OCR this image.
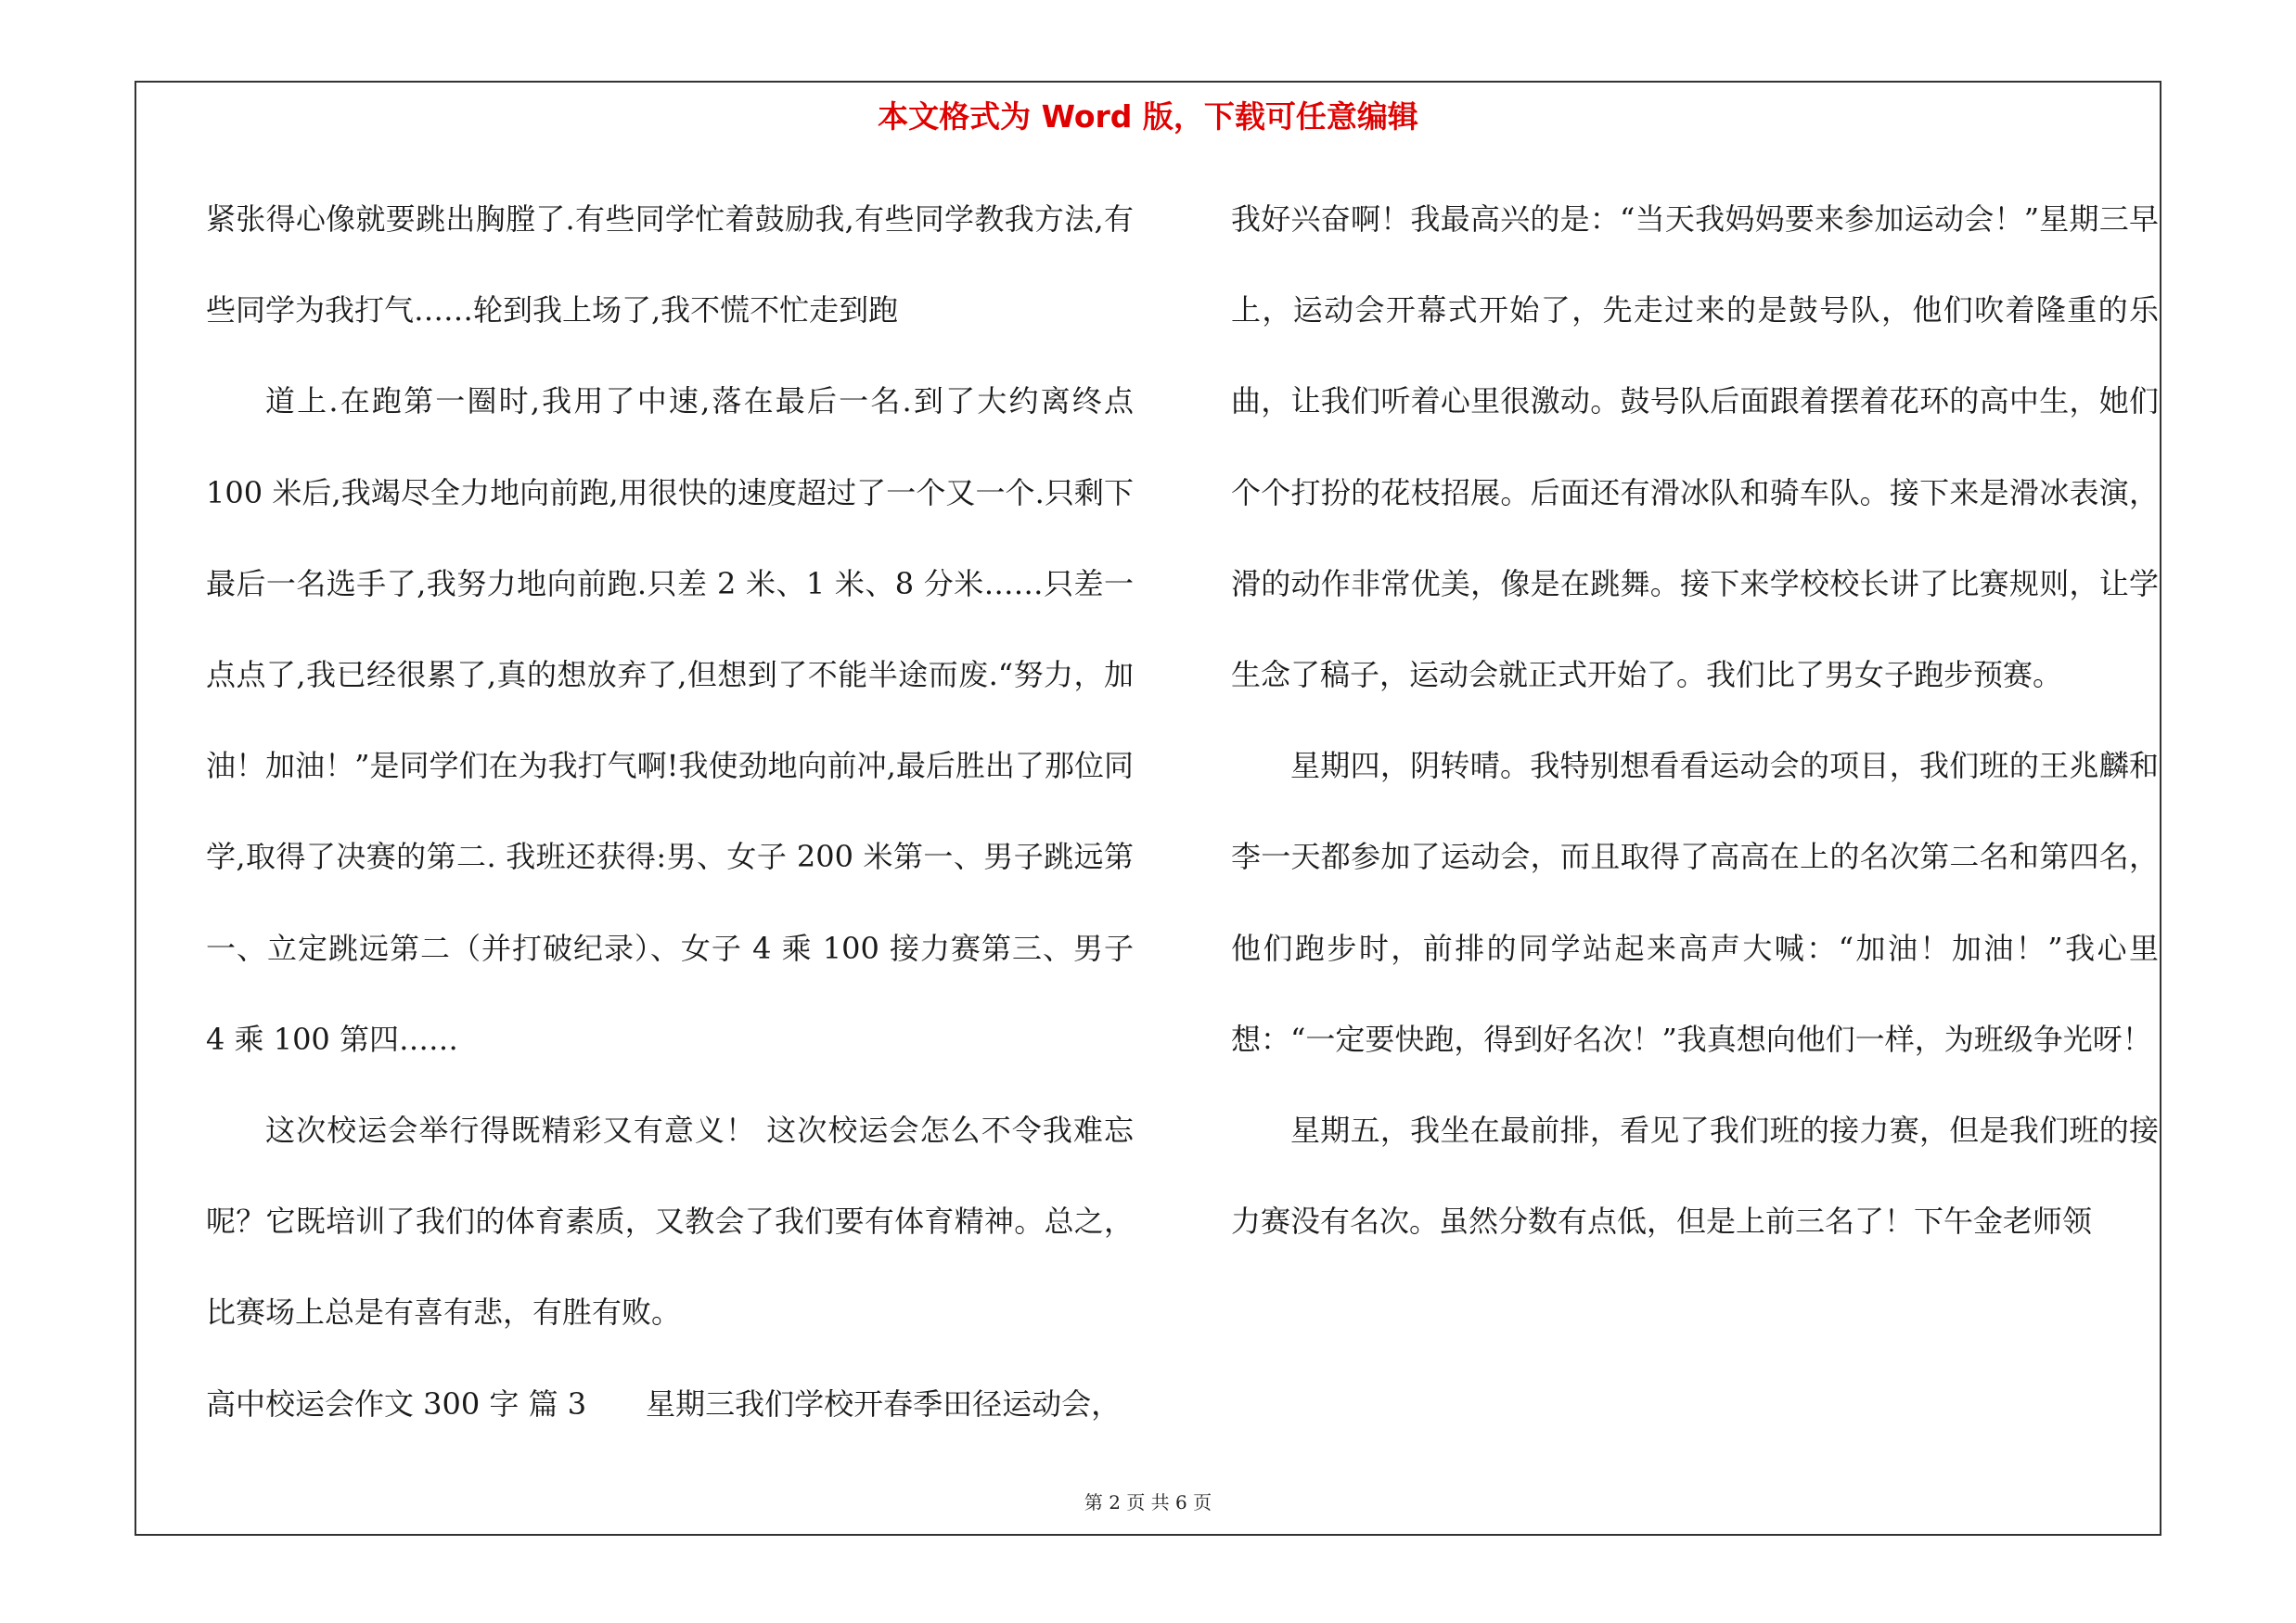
本文格式为 Word 版，下载可任意编辑

紧张得心像就要跳出胸膛了.有些同学忙着鼓励我,有些同学教我方法,有些同学为我打气……轮到我上场了,我不慌不忙走到跑

道上.在跑第一圈时,我用了中速,落在最后一名.到了大约离终点 100 米后,我竭尽全力地向前跑,用很快的速度超过了一个又一个.只剩下最后一名选手了,我努力地向前跑.只差 2 米、1 米、8 分米……只差一点点了,我已经很累了,真的想放弃了,但想到了不能半途而废.“努力，加油！加油！”是同学们在为我打气啊!我使劲地向前冲,最后胜出了那位同学,取得了决赛的第二. 我班还获得:男、女子 200 米第一、男子跳远第一、立定跳远第二（并打破纪录）、女子 4 乘 100 接力赛第三、男子 4 乘 100 第四……

这次校运会举行得既精彩又有意义！ 这次校运会怎么不令我难忘呢？它既培训了我们的体育素质，又教会了我们要有体育精神。总之，比赛场上总是有喜有悲，有胜有败。

高中校运会作文 300 字 篇 3　　星期三我们学校开春季田径运动会，

我好兴奋啊！我最高兴的是：“当天我妈妈要来参加运动会！”星期三早上，运动会开幕式开始了，先走过来的是鼓号队，他们吹着隆重的乐曲，让我们听着心里很激动。鼓号队后面跟着摆着花环的高中生，她们个个打扮的花枝招展。后面还有滑冰队和骑车队。接下来是滑冰表演，滑的动作非常优美，像是在跳舞。接下来学校校长讲了比赛规则，让学生念了稿子，运动会就正式开始了。我们比了男女子跑步预赛。

星期四，阴转晴。我特别想看看运动会的项目，我们班的王兆麟和李一天都参加了运动会，而且取得了高高在上的名次第二名和第四名，他们跑步时，前排的同学站起来高声大喊：“加油！加油！”我心里想：“一定要快跑，得到好名次！”我真想向他们一样，为班级争光呀！

星期五，我坐在最前排，看见了我们班的接力赛，但是我们班的接力赛没有名次。虽然分数有点低，但是上前三名了！下午金老师领

第 2 页 共 6 页
